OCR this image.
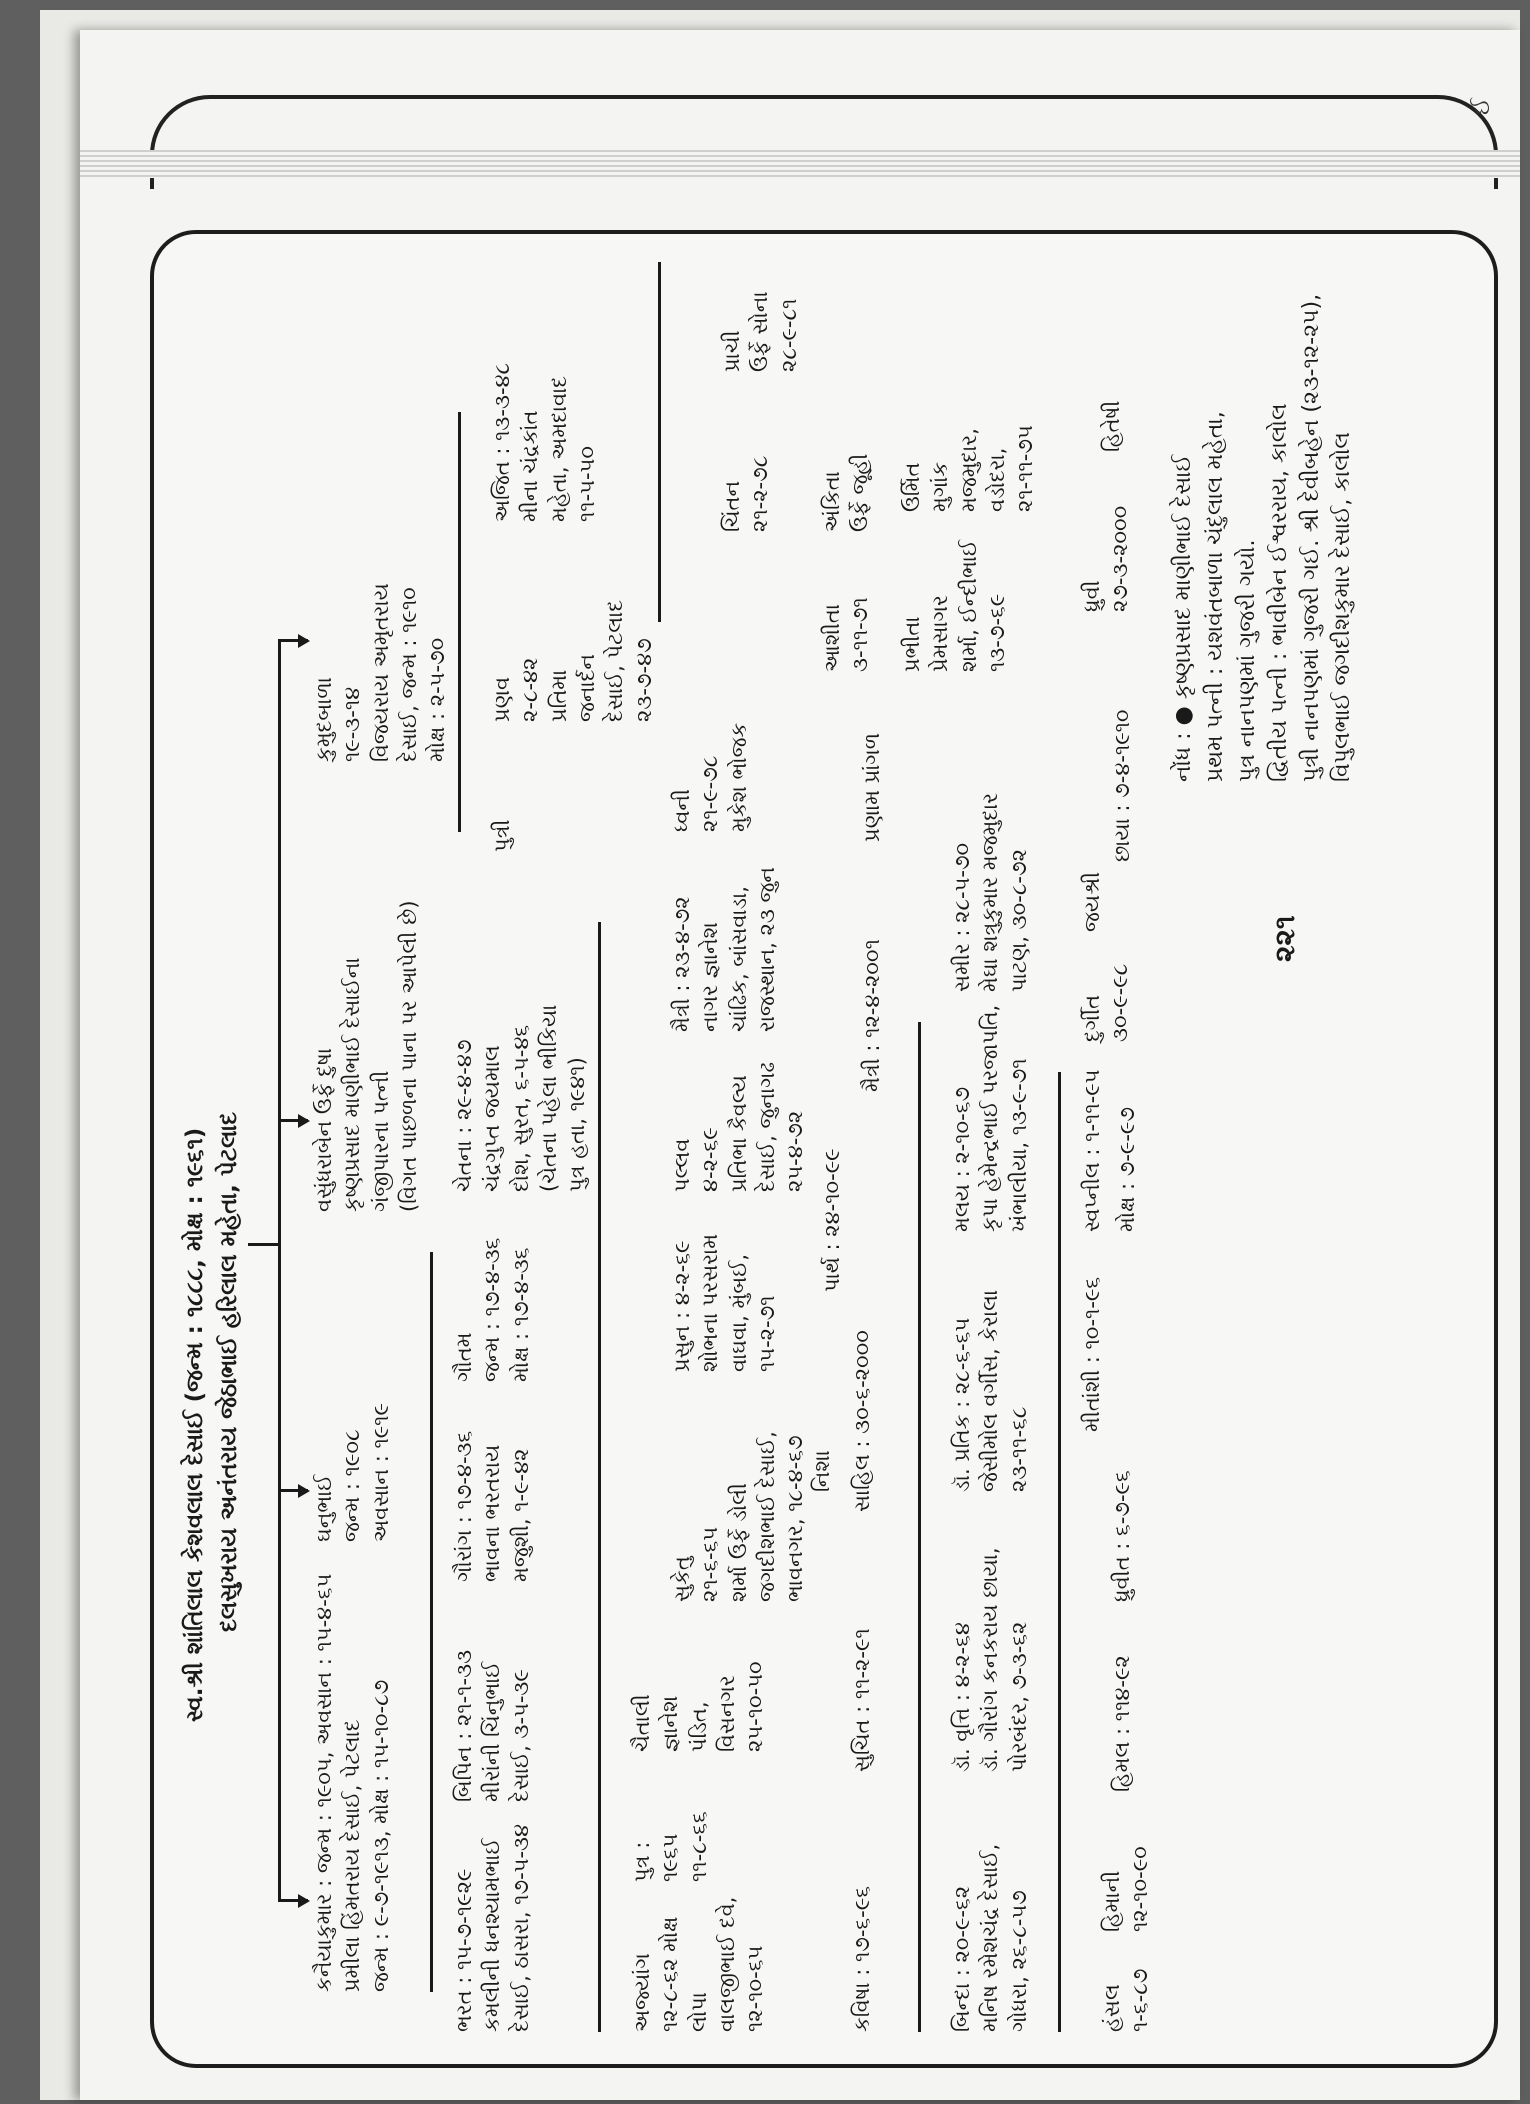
ઈ
સ્વ.શ્રી શાંતિલાલ કેશવલાલ દેસાઈ (જન્મ : ૧૮૮૮, મોક્ષ : ૧૯૬૧) દલસુખરાય અનંતરાય જેઠાભાઈ હરિલાલ મહેતા, પેટલાદ
કનૈયાકુમાર : જન્મ : ૧૯૦૫, અવસાન : ૧૫-૪-૬૫ પ્રમીલા હિંમતરાય દેસાઈ, પેટલાદ જન્મ : ૯-૭-૧૯૧૩, મોક્ષ : ૧૫-૧૦-૮૭
ઘનુભાઈ જન્મ : ૧૯૦૮ અવસાન : ૧૯૧૯
વસુંધરાબેન ઉર્ફે દુષા કૃષ્ણપ્રસાદ માણીભાઈ દેસાઈના ગંજીપારના પત્ની (વિગત પાછળના પાના પર આપેલી છે)
કુમુદબાળા ૧૯-૩-૧૪ વિજયરાય અમૃતરાય દેસાઈ, જન્મ : ૧૯૧૦ મોક્ષ : ૨-૫-૭૦
ભરત : ૧૫-૭-૧૯૨૯ કમલીની ધનશ્યામભાઈ દેસાઈ, ઠાસરા, ૧૭-૫-૩૪
બિપિન : ૨૧-૧-૩૩ મીરાંની ચિંનુભાઈ દેસાઈ, ૩-૫-૩૯
ગૌરાંગ : ૧૭-૪-૩૬ ભાવના ભરતરાય મજુશી, ૧-૯-૪૨
ગૌતમ જન્મ : ૧૭-૪-૩૬ મોક્ષ : ૧૭-૪-૩૬
ચેતના : ૨૯-૪-૪૭ ચંદ્રગુપ્ત જયમાલ દોશ, સુરત, ૬-૫-૪૬ (ચેતના પહેલા ભીકિયા પુત્ર હતા, ૧૯૪૧)
પુત્રી
પ્રણવ ૨-૮-૪૨ પ્રતિમા જનાર્દન દેસાઈ, પેટલાદ ૨૩-૭-૪૭
અજિત : ૧૩-૩-૪૮ મીના ચંદ્રકાંત મહેતા, અમદાવાદ ૧૧-૫-૫૦
અજ્યાંગ ૧૨-૮-૬૨ મોક્ષ
લોપા વાલજીભાઈ દવે, ૧૨-૧૦-૬૫
પુત્ર : ૧૯૬૫ ૧૧-૮-૬૬
ચૈતાલી જ્ઞાનેશ પંડિત, વિસનગર ૨૫-૧૦-૫૦
સુકેતુ ૨૧-૬-૬૫ શર્મા ઉર્ફે ડોલી જગદીશભાઈ દેસાઈ, ભાવનગર, ૧૮-૪-૬૭
પ્રસુન : ૪-૨-૬૯ શોભના પરસરામ વાઘવા, મુંબઈ, ૧૫-૨-૭૧
પલ્લવ ૪-૨-૬૯ પ્રતિભા કૈવલ્ય દેસાઈ, જુનાગઢ ૨૫-૪-૭૨
મૈત્રી : ૨૩-૪-૭૨ નાગર જ્ઞાનેશ ચાંઢિક, બાંસવાડા, રાજસ્થાન, ૨૩ જુન
ધ્વની ૨૧-૯-૭૮ મુકેશ ભોજક
કવિષા : ૧૭-૬-૯૬
સુચિત : ૧૧-૨-૯૧
સાહિલ : ૩૦-૬-૨૦૦૦
નિશા
પાર્થ : ૨૪-૧૦-૯૯
મૈત્રી : ૧૨-૪-૨૦૦૧
પ્રણામ પ્રાંગળ
આશીતા ૩-૧૧-૭૧
અંકિતા ઉર્ફે જૂહી
ચિંતન ૨૧-૨-૭૮
પ્રાચી ઉર્ફે સોના ૨૮-૯-૮૧
બિન્દા : ૨૦-૯-૬૨ મનિષ રમેશચંદ્ર દેસાઈ, ગોધરા, ૨૬-૮-૫૭
ડૉ. વૃત્તિ : ૪-૨-૬૪ ડૉ. ગૌરાંગ કનકરાય છાયા, પોરબંદર, ૭-૩-૬૨
ડૉ. પ્રતિક : ૨૮-૬-૬૫ જેસીમોલ વર્ગીસ, કેરાલા ૨૩-૧૧-૬૮
મલય : ૨-૧૦-૬૭ કૃપા હેમેન્દ્રભાઈ પરજાપતિ, ખંભાલીયા, ૧૩-૯-૭૧
સમીર : ૨૮-૫-૭૦ મેઘા શત્રુકુમાર મજમુદાર પાટણ, ૩૦-૮-૭૨
પ્રભીતા પ્રેમસાગર શર્મા, ઈન્દીભાઈ ૧૩-૭-૬૯
ઉર્મિત મુગાંક મજમુદાર, વડોદરા, ૨૧-૧૧-૭૫
હંસલ ૧-૬-૮૭
હિમાની ૧૨-૧૦-૯૦
હિમલ : ૧૧૪-૯૨
ધ્રુવીત : ૬-૭-૯૬
મીતાંશી : ૧૦-૧-૯૬
સ્વપ્નીલ : ૧-૧૧-૯૫ મોક્ષ : ૭-૯-૯૭
દુર્ગીત ૩૦-૯-૯૮
જયશ્રી
છાયા : ૭-૪-૧૯૧૦
ધ્રુવી ૨૭-૩-૨૦૦૦
હિતેષી
૨૨૧
નોંધ : ● કૃષ્ણપ્રસાદ માણીભાઈ દેસાઈ પ્રથમ પત્ની : યશવંતબાળા ચંદુલાલ મહેતા, પુત્ર નાનપણમાં ગુજરી ગયો. દ્વિતીય પત્ની : ભાવીબેન ઈશ્વરરાય, કાલોલ પુત્રી નાનપણમાં ગુજરી ગઈ. શ્રી દેવીબહેન (૨૩-૧૨-૨૫), વિપુલભાઈ જગદીશકુમાર દેસાઈ, કાલોલ
